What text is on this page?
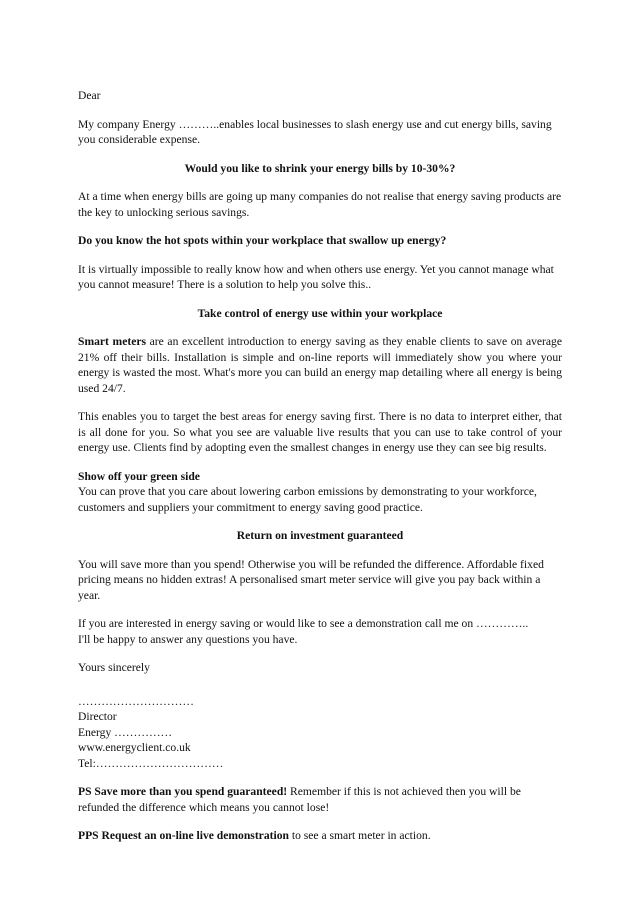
Dear

My company Energy ………..enables local businesses to slash energy use and cut energy bills, saving you considerable expense.

Would you like to shrink your energy bills by 10-30%?

At a time when energy bills are going up many companies do not realise that energy saving products are the key to unlocking serious savings.

Do you know the hot spots within your workplace that swallow up energy?

It is virtually impossible to really know how and when others use energy. Yet you cannot manage what you cannot measure! There is a solution to help you solve this..

Take control of energy use within your workplace

Smart meters are an excellent introduction to energy saving as they enable clients to save on average 21% off their bills. Installation is simple and on-line reports will immediately show you where your energy is wasted the most. What's more you can build an energy map detailing where all energy is being used 24/7.

This enables you to target the best areas for energy saving first. There is no data to interpret either, that is all done for you. So what you see are valuable live results that you can use to take control of your energy use. Clients find by adopting even the smallest changes in energy use they can see big results.

Show off your green side
You can prove that you care about lowering carbon emissions by demonstrating to your workforce, customers and suppliers your commitment to energy saving good practice.

Return on investment guaranteed

You will save more than you spend! Otherwise you will be refunded the difference. Affordable fixed pricing means no hidden extras! A personalised smart meter service will give you pay back within a year.

If you are interested in energy saving or would like to see a demonstration call me on …………..
I'll be happy to answer any questions you have.

Yours sincerely

…………………………
Director
Energy ……………
www.energyclient.co.uk
Tel:……………………………

PS Save more than you spend guaranteed! Remember if this is not achieved then you will be refunded the difference which means you cannot lose!

PPS Request an on-line live demonstration to see a smart meter in action.
